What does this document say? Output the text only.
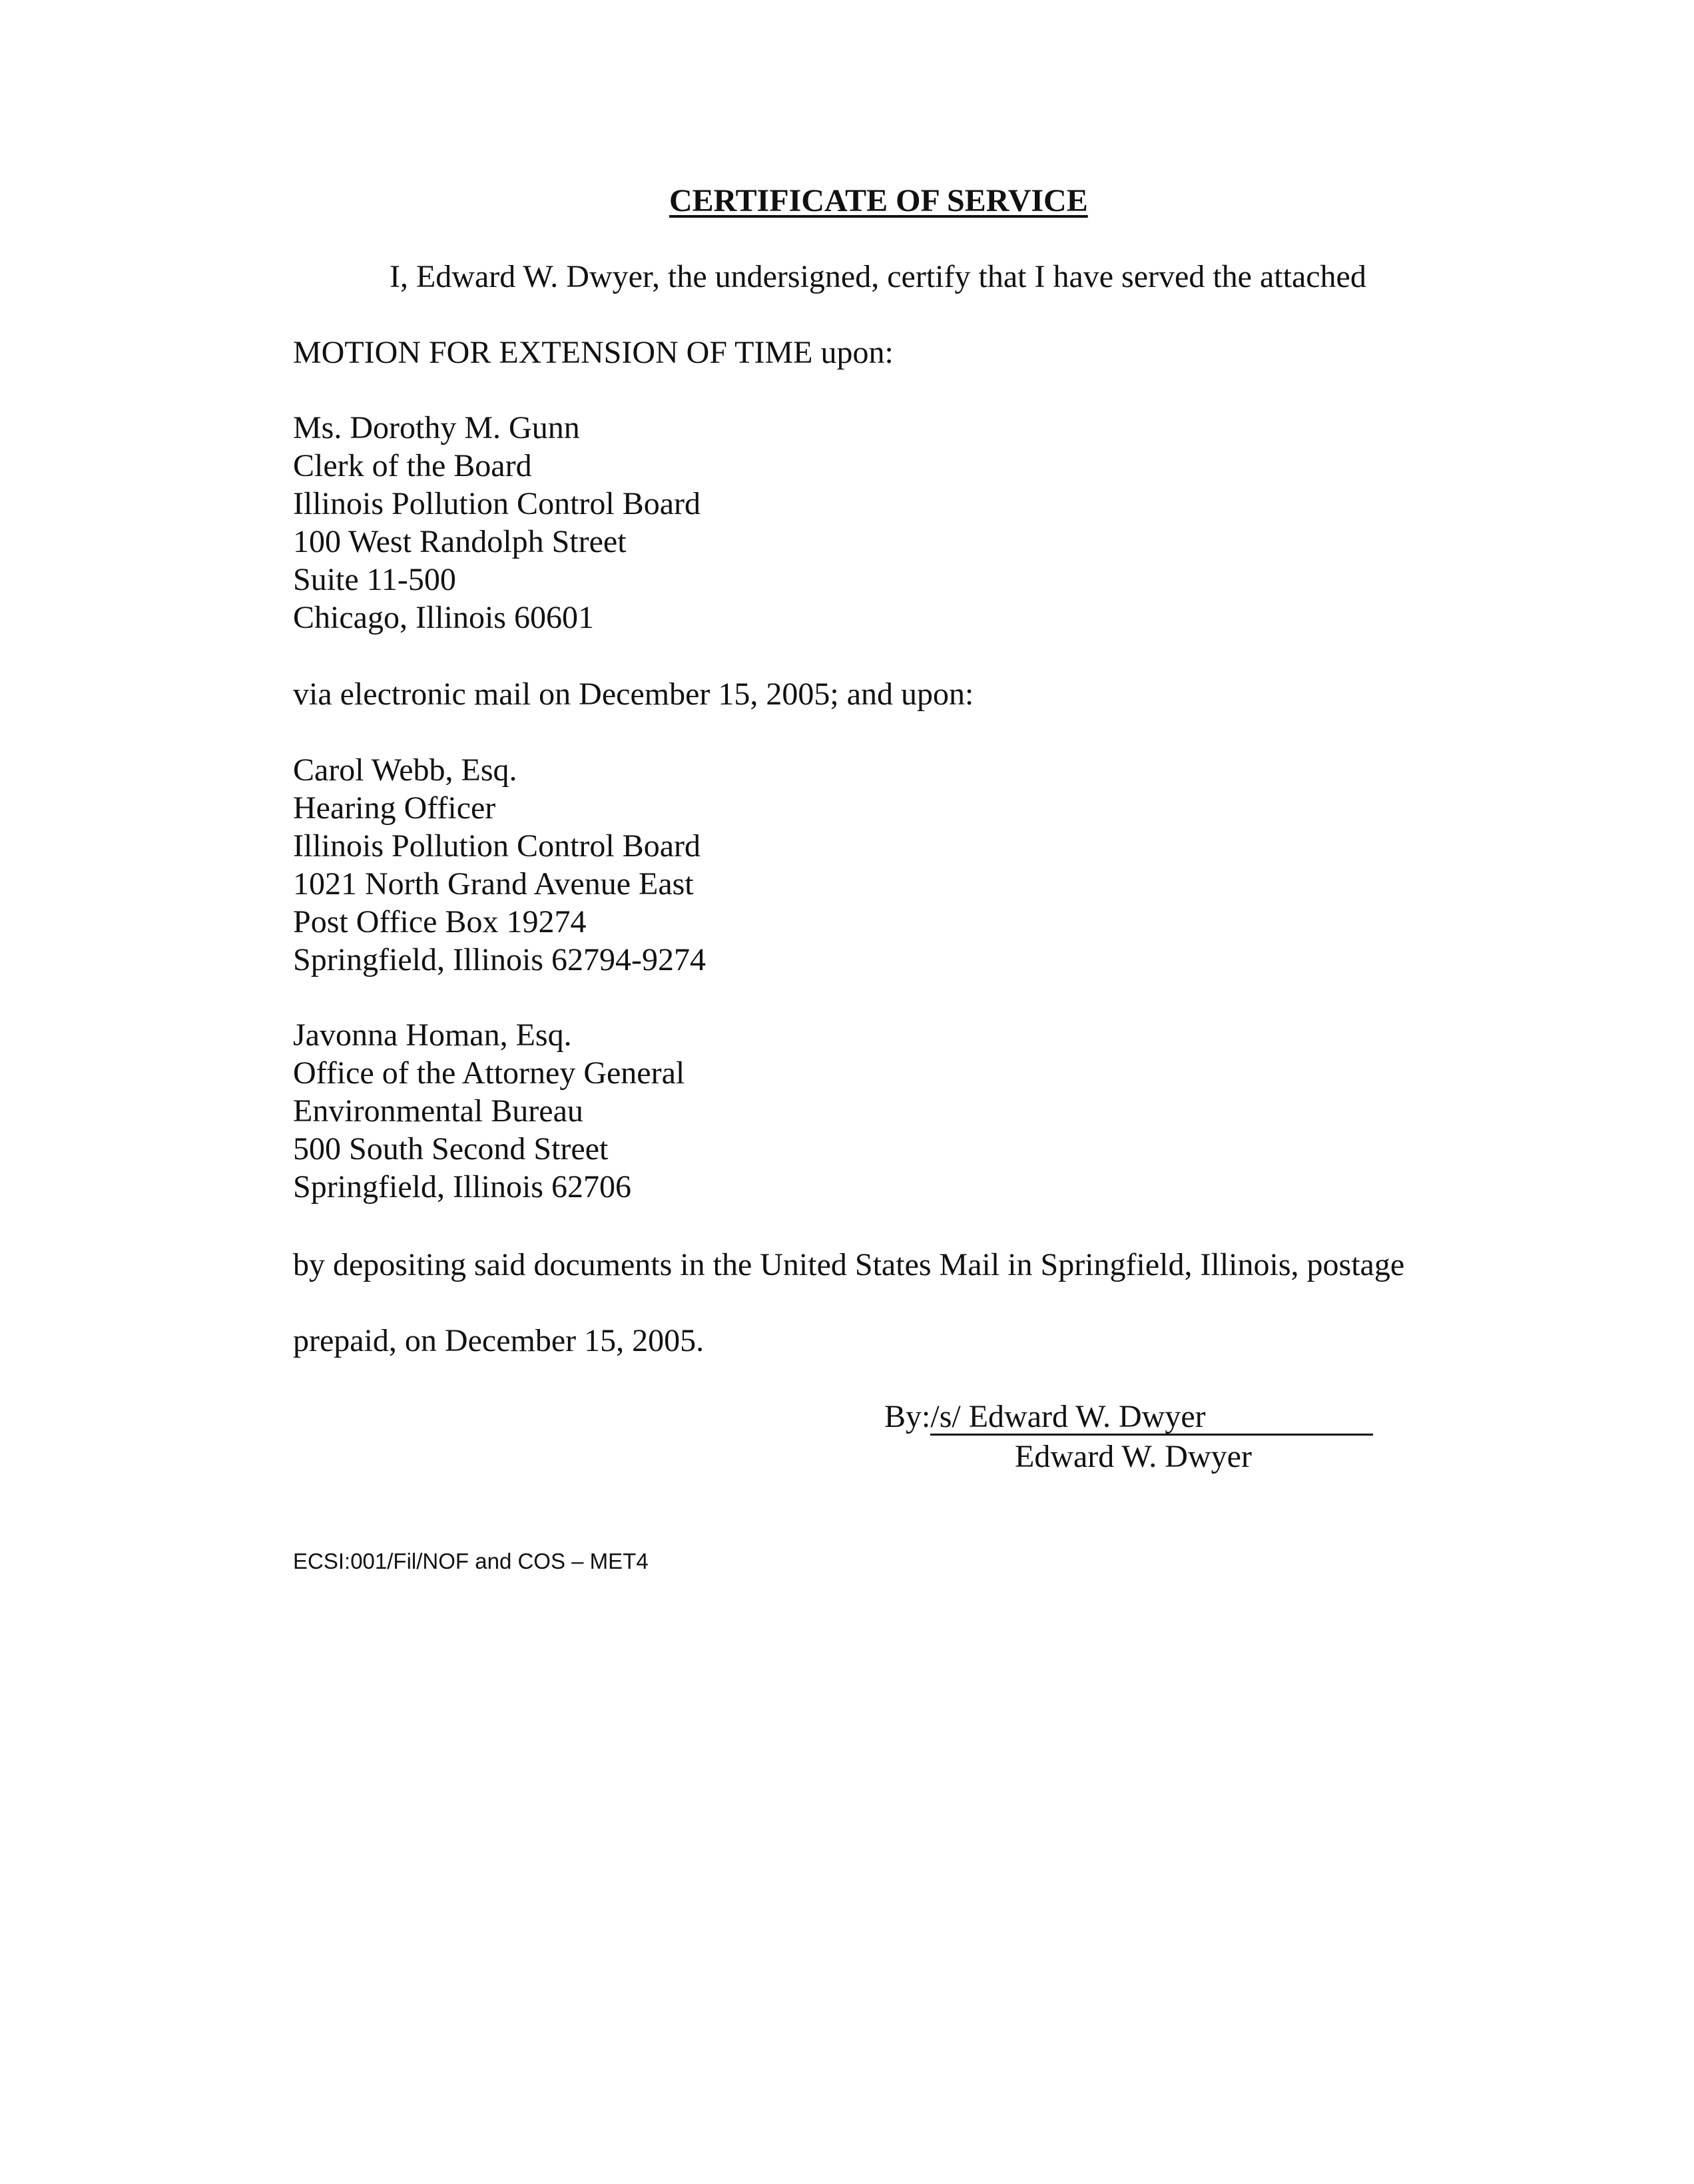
CERTIFICATE OF SERVICE
I, Edward W. Dwyer, the undersigned, certify that I have served the attached
MOTION FOR EXTENSION OF TIME upon:
Ms. Dorothy M. Gunn
Clerk of the Board
Illinois Pollution Control Board
100 West Randolph Street
Suite 11-500
Chicago, Illinois 60601
via electronic mail on December 15, 2005; and upon:
Carol Webb, Esq.
Hearing Officer
Illinois Pollution Control Board
1021 North Grand Avenue East
Post Office Box 19274
Springfield, Illinois 62794-9274
Javonna Homan, Esq.
Office of the Attorney General
Environmental Bureau
500 South Second Street
Springfield, Illinois 62706
by depositing said documents in the United States Mail in Springfield, Illinois, postage
prepaid, on December 15, 2005.
By:/s/ Edward W. Dwyer
Edward W. Dwyer
ECSI:001/Fil/NOF and COS – MET4
